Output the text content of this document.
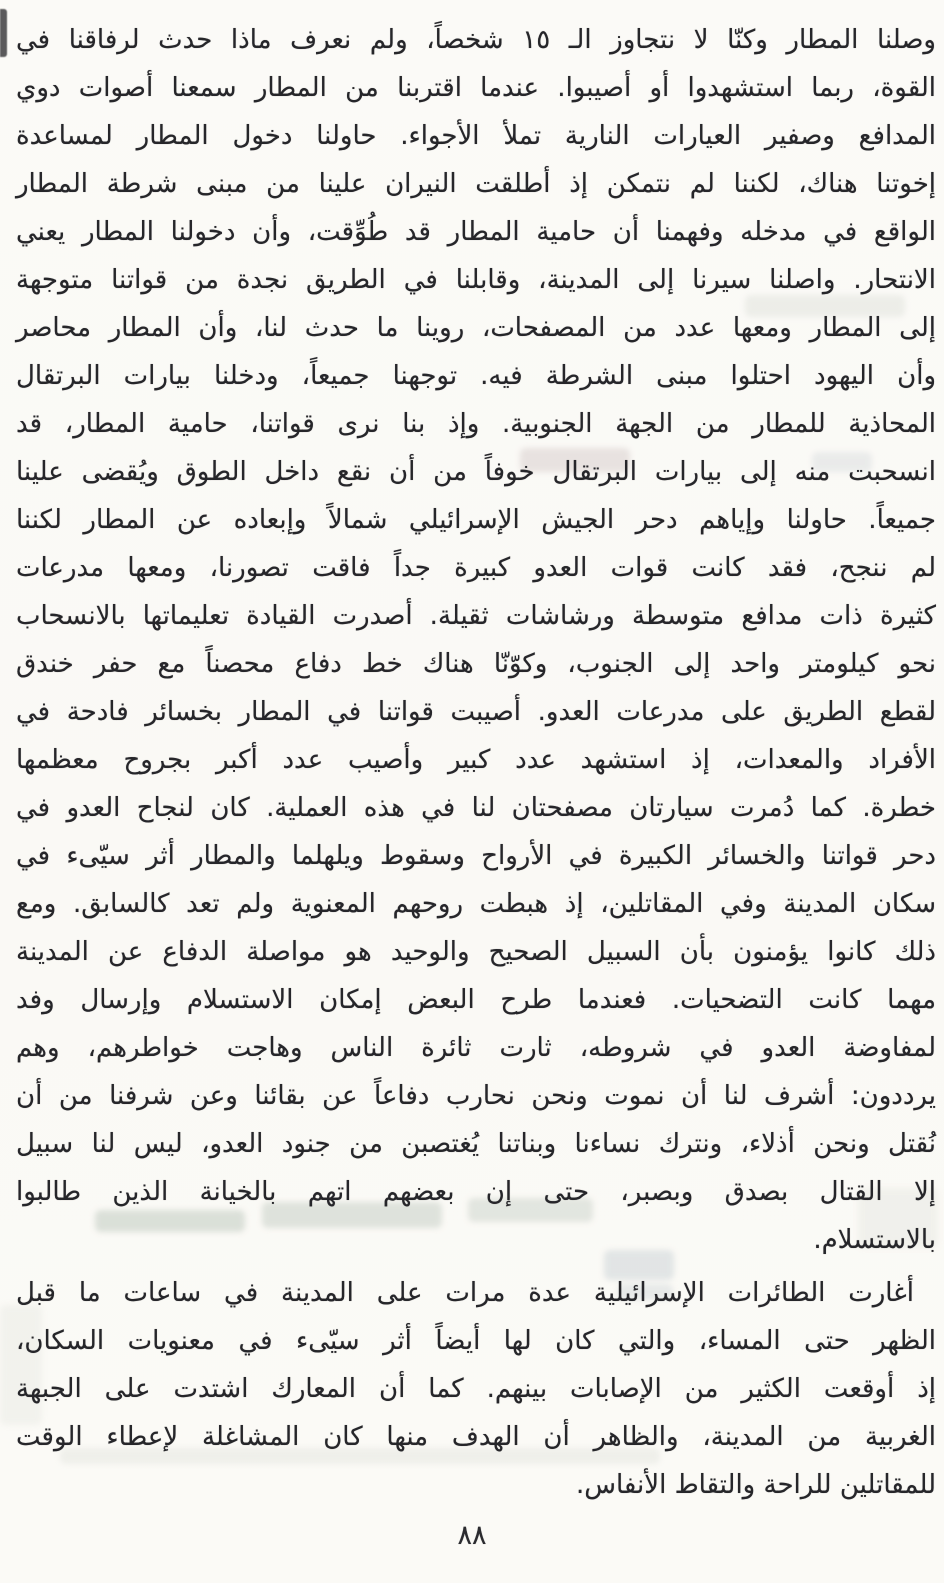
وصلنا المطار وكنّا لا نتجاوز الـ ١٥ شخصاً، ولم نعرف ماذا حدث لرفاقنا في
القوة، ربما استشهدوا أو أصيبوا. عندما اقتربنا من المطار سمعنا أصوات دوي
المدافع وصفير العيارات النارية تملأ الأجواء. حاولنا دخول المطار لمساعدة
إخوتنا هناك، لكننا لم نتمكن إذ أطلقت النيران علينا من مبنى شرطة المطار
الواقع في مدخله وفهمنا أن حامية المطار قد طُوِّقت، وأن دخولنا المطار يعني
الانتحار. واصلنا سيرنا إلى المدينة، وقابلنا في الطريق نجدة من قواتنا متوجهة
إلى المطار ومعها عدد من المصفحات، روينا ما حدث لنا، وأن المطار محاصر
وأن اليهود احتلوا مبنى الشرطة فيه. توجهنا جميعاً، ودخلنا بيارات البرتقال
المحاذية للمطار من الجهة الجنوبية. وإذ بنا نرى قواتنا، حامية المطار، قد
انسحبت منه إلى بيارات البرتقال خوفاً من أن نقع داخل الطوق ويُقضى علينا
جميعاً. حاولنا وإياهم دحر الجيش الإسرائيلي شمالاً وإبعاده عن المطار لكننا
لم ننجح، فقد كانت قوات العدو كبيرة جداً فاقت تصورنا، ومعها مدرعات
كثيرة ذات مدافع متوسطة ورشاشات ثقيلة. أصدرت القيادة تعليماتها بالانسحاب
نحو كيلومتر واحد إلى الجنوب، وكوّنّا هناك خط دفاع محصناً مع حفر خندق
لقطع الطريق على مدرعات العدو. أصيبت قواتنا في المطار بخسائر فادحة في
الأفراد والمعدات، إذ استشهد عدد كبير وأصيب عدد أكبر بجروح معظمها
خطرة. كما دُمرت سيارتان مصفحتان لنا في هذه العملية. كان لنجاح العدو في
دحر قواتنا والخسائر الكبيرة في الأرواح وسقوط ويلهلما والمطار أثر سيّىء في
سكان المدينة وفي المقاتلين، إذ هبطت روحهم المعنوية ولم تعد كالسابق. ومع
ذلك كانوا يؤمنون بأن السبيل الصحيح والوحيد هو مواصلة الدفاع عن المدينة
مهما كانت التضحيات. فعندما طرح البعض إمكان الاستسلام وإرسال وفد
لمفاوضة العدو في شروطه، ثارت ثائرة الناس وهاجت خواطرهم، وهم
يرددون: أشرف لنا أن نموت ونحن نحارب دفاعاً عن بقائنا وعن شرفنا من أن
نُقتل ونحن أذلاء، ونترك نساءنا وبناتنا يُغتصبن من جنود العدو، ليس لنا سبيل
إلا القتال بصدق وبصبر، حتى إن بعضهم اتهم بالخيانة الذين طالبوا
بالاستسلام.
أغارت الطائرات الإسرائيلية عدة مرات على المدينة في ساعات ما قبل
الظهر حتى المساء، والتي كان لها أيضاً أثر سيّىء في معنويات السكان،
إذ أوقعت الكثير من الإصابات بينهم. كما أن المعارك اشتدت على الجبهة
الغربية من المدينة، والظاهر أن الهدف منها كان المشاغلة لإعطاء الوقت
للمقاتلين للراحة والتقاط الأنفاس.
٨٨
